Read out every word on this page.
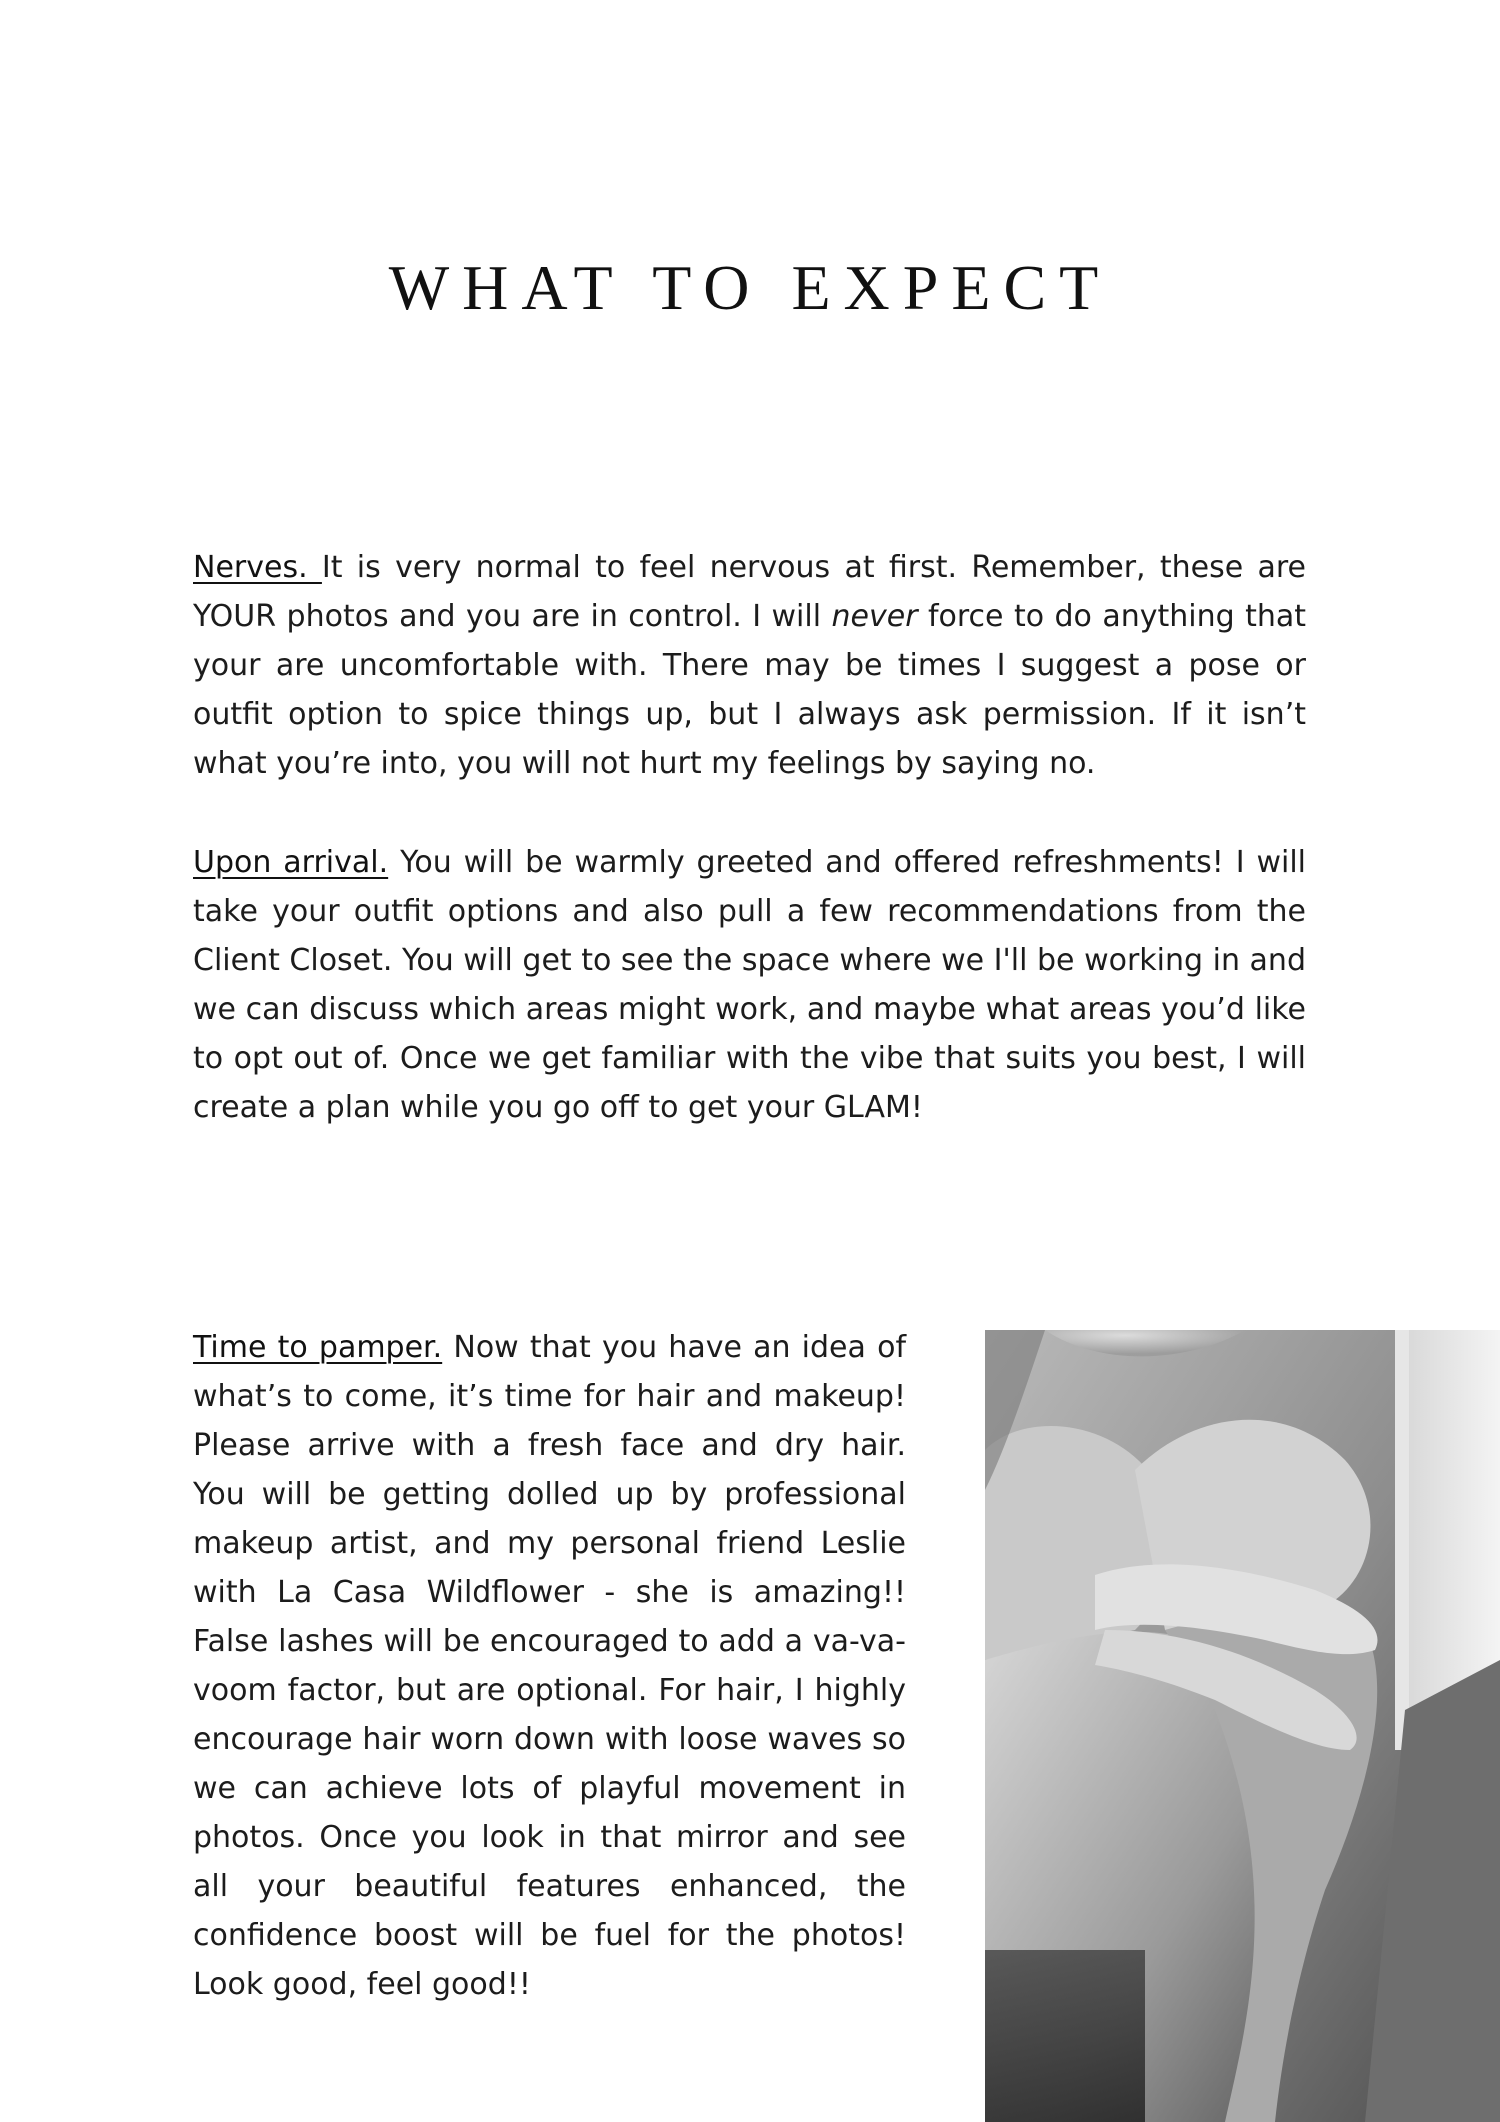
WHAT TO EXPECT

Nerves. It is very normal to feel nervous at first. Remember, these are YOUR photos and you are in control. I will never force to do anything that your are uncomfortable with. There may be times I suggest a pose or outfit option to spice things up, but I always ask permission. If it isn’t what you’re into, you will not hurt my feelings by saying no.

Upon arrival. You will be warmly greeted and offered refreshments! I will take your outfit options and also pull a few recommendations from the Client Closet. You will get to see the space where we I'll be working in and we can discuss which areas might work, and maybe what areas you’d like to opt out of. Once we get familiar with the vibe that suits you best, I will create a plan while you go off to get your GLAM!

Time to pamper. Now that you have an idea of what’s to come, it’s time for hair and makeup! Please arrive with a fresh face and dry hair. You will be getting dolled up by professional makeup artist, and my personal friend Leslie with La Casa Wildflower - she is amazing!! False lashes will be encouraged to add a va-va-voom factor, but are optional. For hair, I highly encourage hair worn down with loose waves so we can achieve lots of playful movement in photos. Once you look in that mirror and see all your beautiful features enhanced, the confidence boost will be fuel for the photos! Look good, feel good!!
